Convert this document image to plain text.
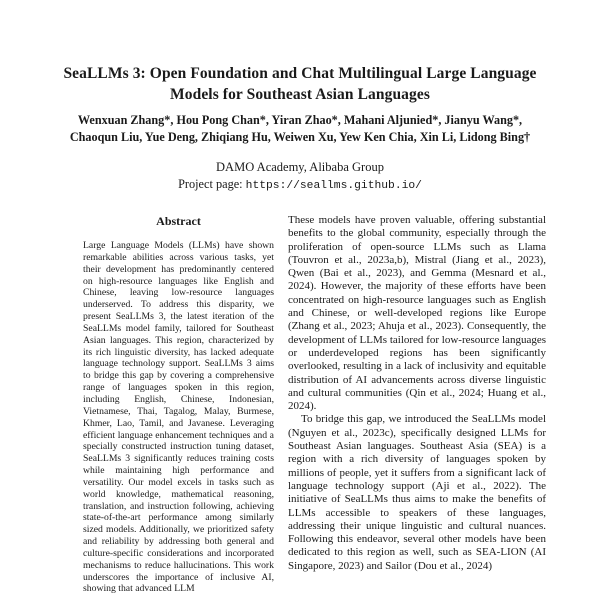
SeaLLMs 3: Open Foundation and Chat Multilingual Large Language
Models for Southeast Asian Languages
Wenxuan Zhang*, Hou Pong Chan*, Yiran Zhao*, Mahani Aljunied*, Jianyu Wang*,
Chaoqun Liu, Yue Deng, Zhiqiang Hu, Weiwen Xu, Yew Ken Chia, Xin Li, Lidong Bing†
DAMO Academy, Alibaba Group
Project page: https://seallms.github.io/
Abstract
Large Language Models (LLMs) have shown remarkable abilities across various tasks, yet their development has predominantly centered on high-resource languages like English and Chinese, leaving low-resource languages underserved. To address this disparity, we present SeaLLMs 3, the latest iteration of the SeaLLMs model family, tailored for Southeast Asian languages. This region, characterized by its rich linguistic diversity, has lacked adequate language technology support. SeaLLMs 3 aims to bridge this gap by covering a comprehensive range of languages spoken in this region, including English, Chinese, Indonesian, Vietnamese, Thai, Tagalog, Malay, Burmese, Khmer, Lao, Tamil, and Javanese. Leveraging efficient language enhancement techniques and a specially constructed instruction tuning dataset, SeaLLMs 3 significantly reduces training costs while maintaining high performance and versatility. Our model excels in tasks such as world knowledge, mathematical reasoning, translation, and instruction following, achieving state-of-the-art performance among similarly sized models. Additionally, we prioritized safety and reliability by addressing both general and culture-specific considerations and incorporated mechanisms to reduce hallucinations. This work underscores the importance of inclusive AI, showing that advanced LLM

These models have proven valuable, offering substantial benefits to the global community, especially through the proliferation of open-source LLMs such as Llama (Touvron et al., 2023a,b), Mistral (Jiang et al., 2023), Qwen (Bai et al., 2023), and Gemma (Mesnard et al., 2024). However, the majority of these efforts have been concentrated on high-resource languages such as English and Chinese, or well-developed regions like Europe (Zhang et al., 2023; Ahuja et al., 2023). Consequently, the development of LLMs tailored for low-resource languages or underdeveloped regions has been significantly overlooked, resulting in a lack of inclusivity and equitable distribution of AI advancements across diverse linguistic and cultural communities (Qin et al., 2024; Huang et al., 2024).

To bridge this gap, we introduced the SeaLLMs model (Nguyen et al., 2023c), specifically designed LLMs for Southeast Asian languages. Southeast Asia (SEA) is a region with a rich diversity of languages spoken by millions of people, yet it suffers from a significant lack of language technology support (Aji et al., 2022). The initiative of SeaLLMs thus aims to make the benefits of LLMs accessible to speakers of these languages, addressing their unique linguistic and cultural nuances. Following this endeavor, several other models have been dedicated to this region as well, such as SEA-LION (AI Singapore, 2023) and Sailor (Dou et al., 2024)
